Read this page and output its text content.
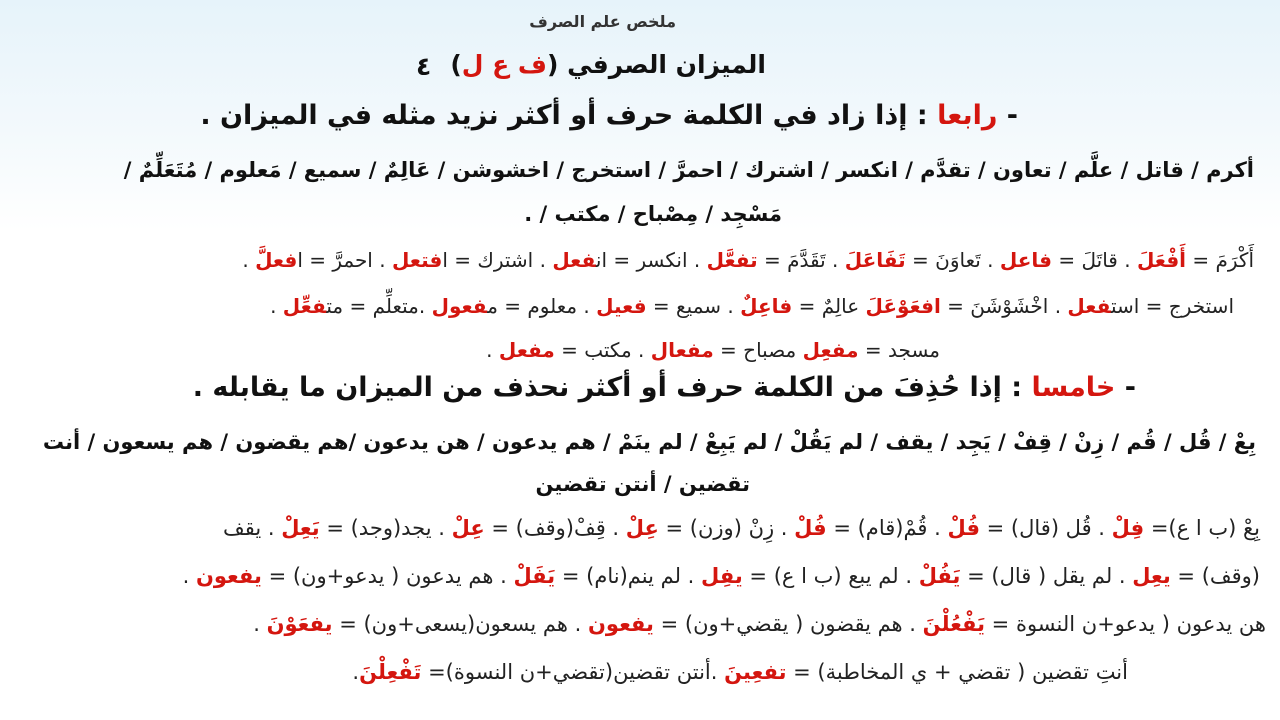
ملخص علم الصرف
الميزان الصرفي (ف ع ل)
٤
- رابعا : إذا زاد في الكلمة حرف أو أكثر نزيد مثله في الميزان .
أكرم / قاتل / علَّم / تعاون / تقدَّم / انكسر / اشترك / احمرَّ / استخرج / اخشوشن / عَالِمٌ / سميع / مَعلوم / مُتَعَلِّمٌ /
مَسْجِد / مِصْباح / مكتب / .
أَكْرَمَ = أَفْعَلَ . قاتَلَ = فاعل . تَعاوَنَ = تَفَاعَلَ . تَقَدَّمَ = تفعَّل . انكسر = انفعل . اشترك = افتعل . احمرَّ = افعلَّ .
استخرج = استفعل . اخْشَوْشَنَ = افعَوْعَلَ عالِمٌ = فاعِلٌ . سميع = فعيل . معلوم = مفعول .متعلِّم = متفعِّل .
مسجد = مفعِل مصباح = مفعال . مكتب = مفعل .
- خامسا : إذا حُذِفَ من الكلمة حرف أو أكثر نحذف من الميزان ما يقابله .
بِعْ / قُل / قُم / زِنْ / قِفْ / يَجِد / يقف / لم يَقُلْ / لم يَبِعْ / لم ينَمْ / هم يدعون / هن يدعون /هم يقضون / هم يسعون / أنت
تقضين / أنتن تقضين
بِعْ (ب ا ع)= فِلْ . قُل (قال) = فُلْ . قُمْ(قام) = فُلْ . زِنْ (وزن) = عِلْ . قِفْ(وقف) = عِلْ . يجد(وجد) = يَعِلْ . يقف
(وقف) = يعِل . لم يقل ( قال) = يَفُلْ . لم يبع (ب ا ع) = يفِل . لم ينم(نام) = يَفَلْ . هم يدعون ( يدعو+ون) = يفعون .
هن يدعون ( يدعو+ن النسوة = يَفْعُلْنَ . هم يقضون ( يقضي+ون) = يفعون . هم يسعون(يسعى+ون) = يفعَوْنَ .
أنتِ تقضين ( تقضي + ي المخاطبة) = تفعِينَ .أنتن تقضين(تقضي+ن النسوة)= تَفْعِلْنَ.
